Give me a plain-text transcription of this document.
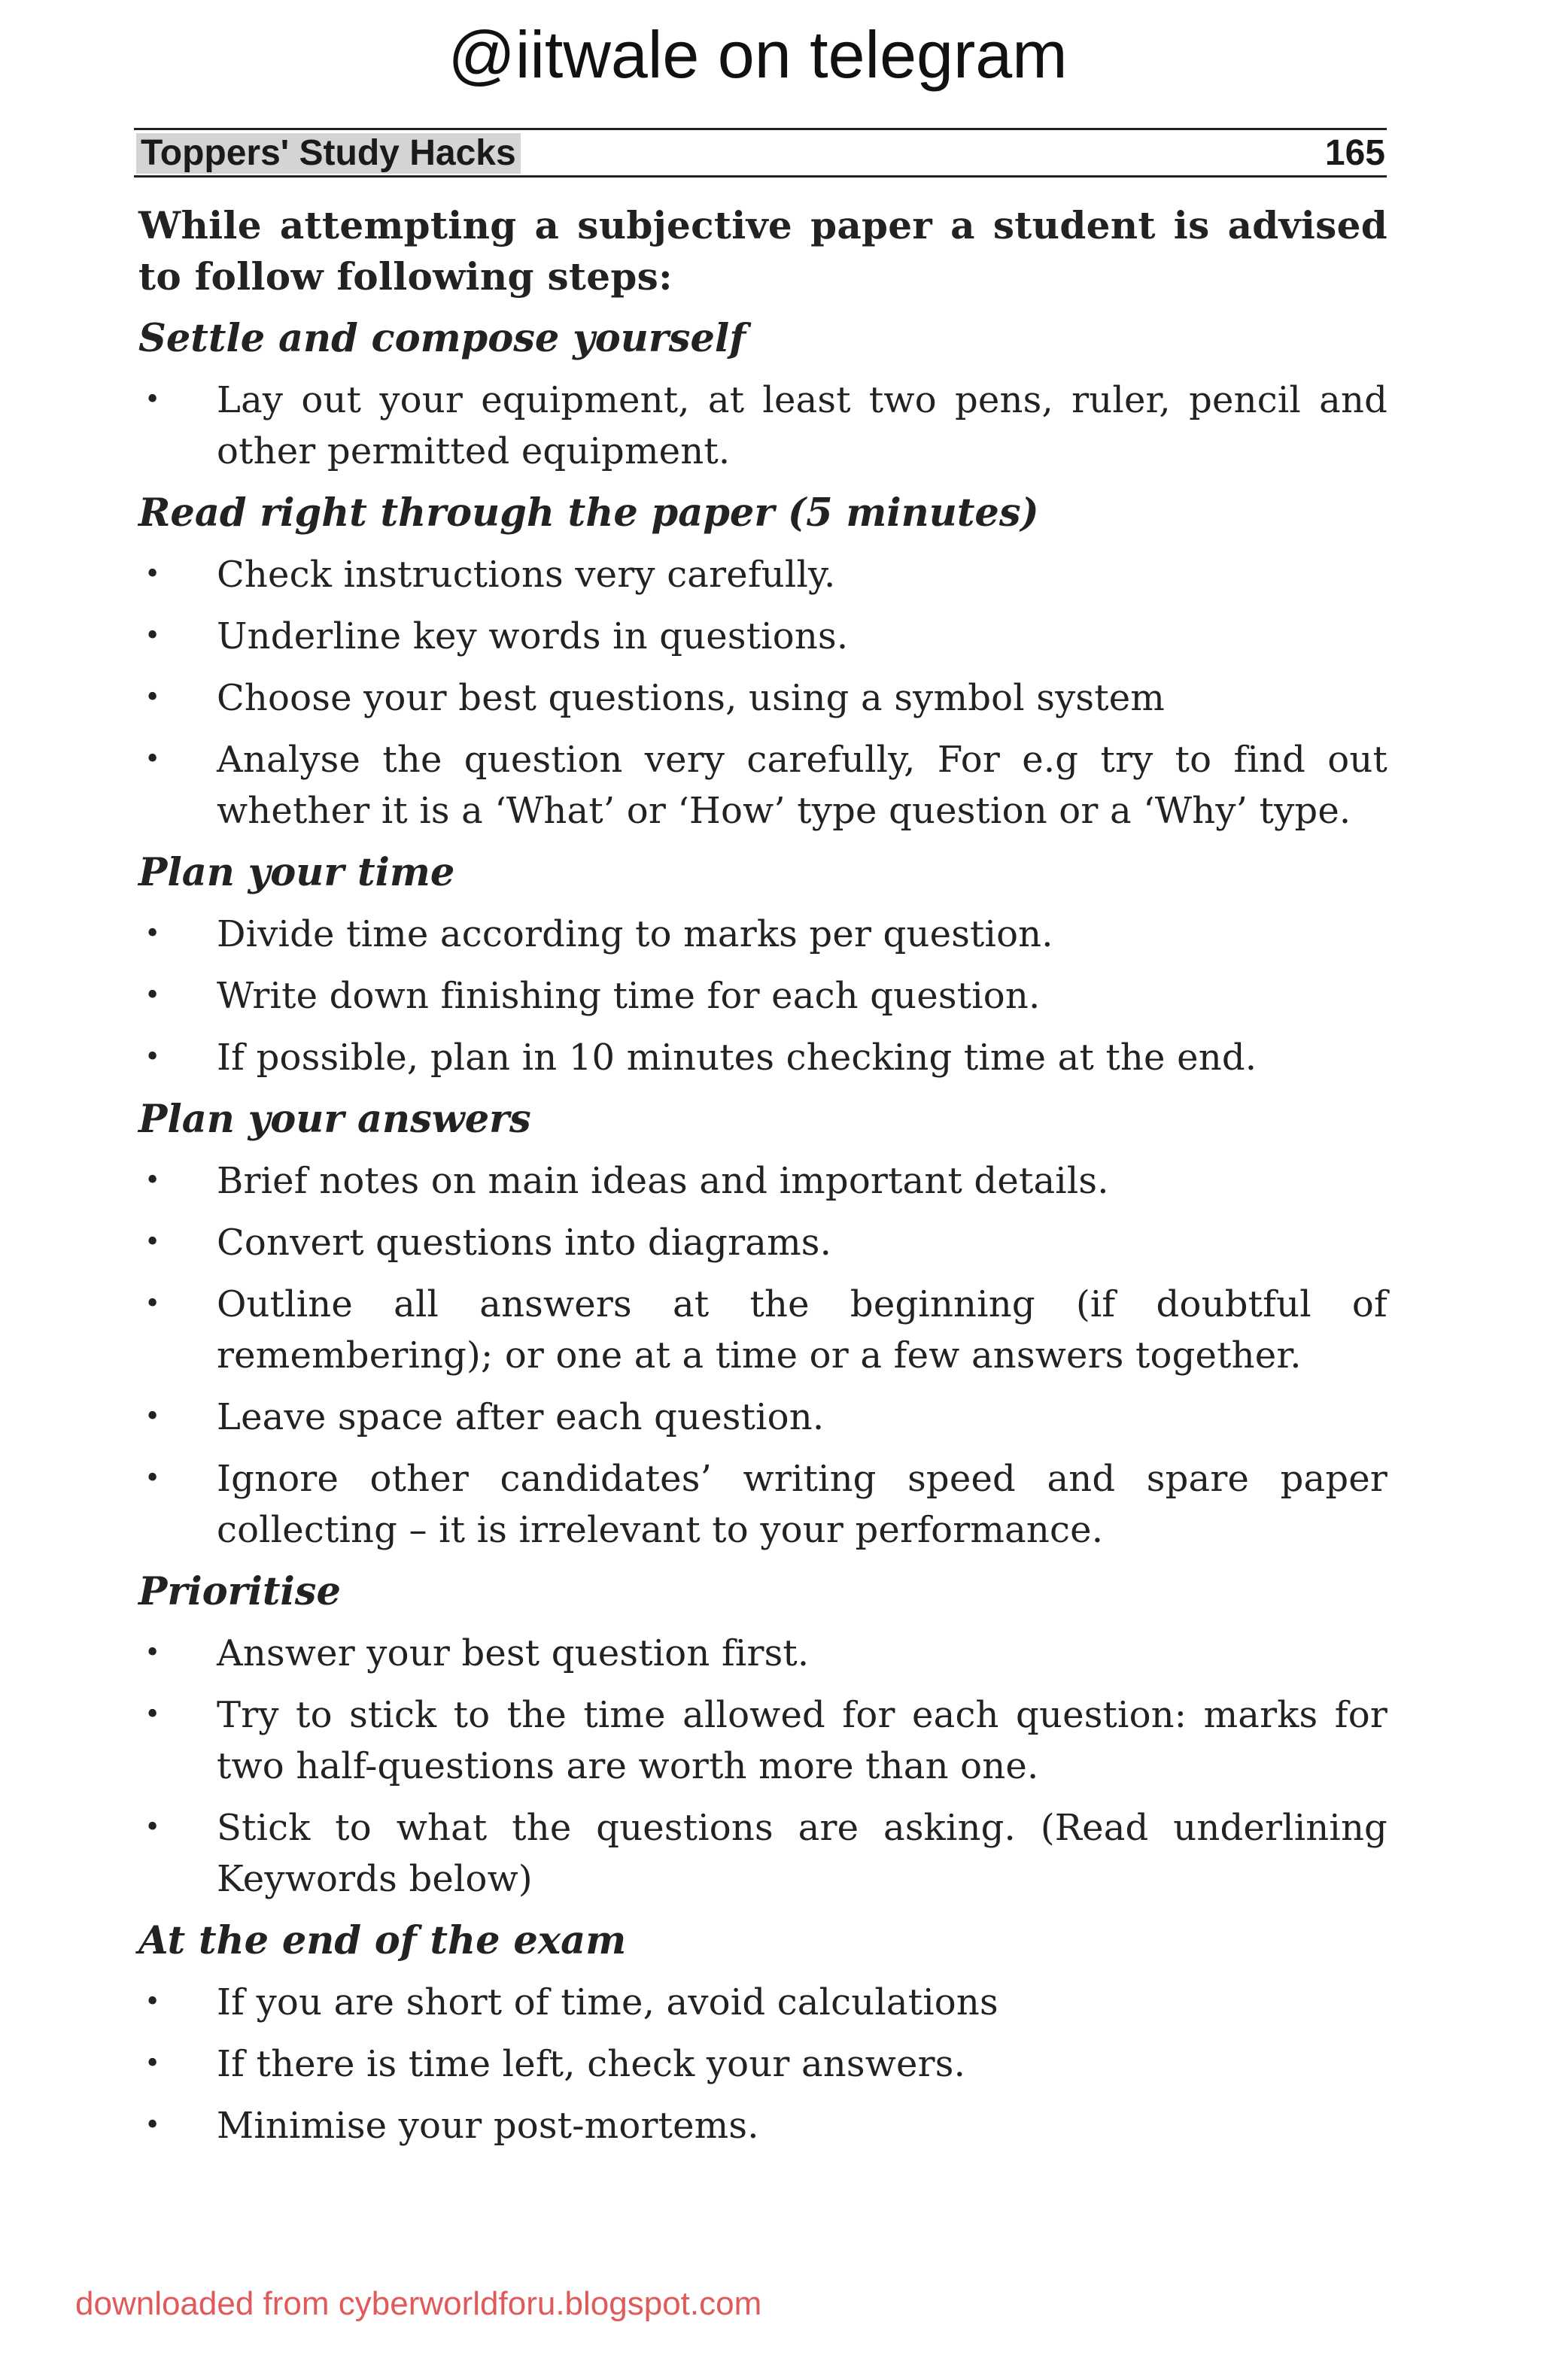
@iitwale on telegram
Toppers' Study Hacks	165

While attempting a subjective paper a student is advised to follow following steps:

Settle and compose yourself
• Lay out your equipment, at least two pens, ruler, pencil and other permitted equipment.
Read right through the paper (5 minutes)
• Check instructions very carefully.
• Underline key words in questions.
• Choose your best questions, using a symbol system
• Analyse the question very carefully, For e.g try to find out whether it is a ‘What’ or ‘How’ type question or a ‘Why’ type.
Plan your time
• Divide time according to marks per question.
• Write down finishing time for each question.
• If possible, plan in 10 minutes checking time at the end.
Plan your answers
• Brief notes on main ideas and important details.
• Convert questions into diagrams.
• Outline all answers at the beginning (if doubtful of remembering); or one at a time or a few answers together.
• Leave space after each question.
• Ignore other candidates’ writing speed and spare paper collecting – it is irrelevant to your performance.
Prioritise
• Answer your best question first.
• Try to stick to the time allowed for each question: marks for two half-questions are worth more than one.
• Stick to what the questions are asking. (Read underlining Keywords below)
At the end of the exam
• If you are short of time, avoid calculations
• If there is time left, check your answers.
• Minimise your post-mortems.
downloaded from cyberworldforu.blogspot.com
